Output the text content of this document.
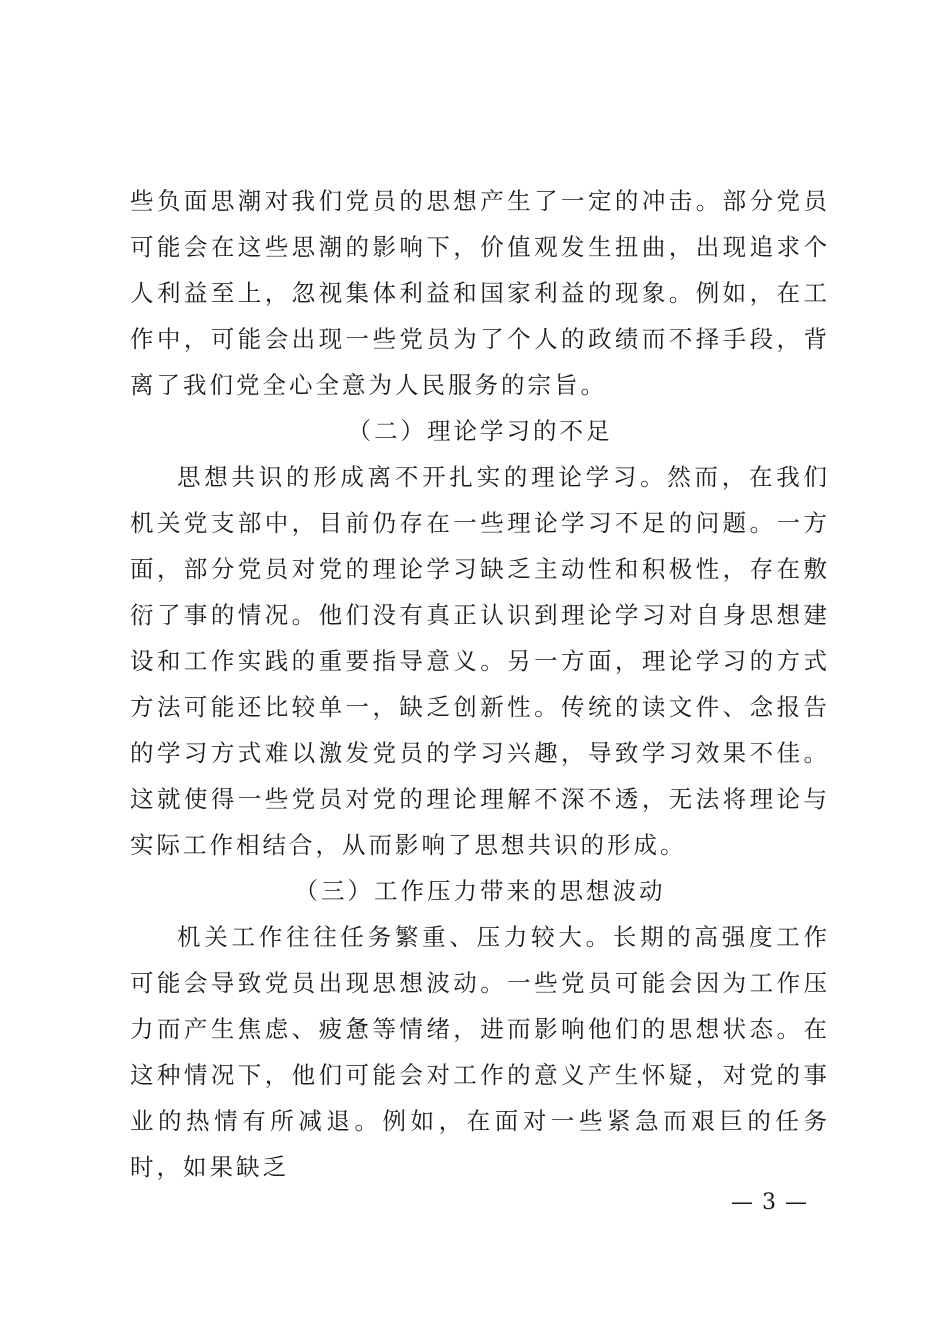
些负面思潮对我们党员的思想产生了一定的冲击。部分党员可能会在这些思潮的影响下，价值观发生扭曲，出现追求个人利益至上，忽视集体利益和国家利益的现象。例如，在工作中，可能会出现一些党员为了个人的政绩而不择手段，背离了我们党全心全意为人民服务的宗旨。

（二）理论学习的不足

思想共识的形成离不开扎实的理论学习。然而，在我们机关党支部中，目前仍存在一些理论学习不足的问题。一方面，部分党员对党的理论学习缺乏主动性和积极性，存在敷衍了事的情况。他们没有真正认识到理论学习对自身思想建设和工作实践的重要指导意义。另一方面，理论学习的方式方法可能还比较单一，缺乏创新性。传统的读文件、念报告的学习方式难以激发党员的学习兴趣，导致学习效果不佳。这就使得一些党员对党的理论理解不深不透，无法将理论与实际工作相结合，从而影响了思想共识的形成。

（三）工作压力带来的思想波动

机关工作往往任务繁重、压力较大。长期的高强度工作可能会导致党员出现思想波动。一些党员可能会因为工作压力而产生焦虑、疲惫等情绪，进而影响他们的思想状态。在这种情况下，他们可能会对工作的意义产生怀疑，对党的事业的热情有所减退。例如，在面对一些紧急而艰巨的任务时，如果缺乏

— 3 —
